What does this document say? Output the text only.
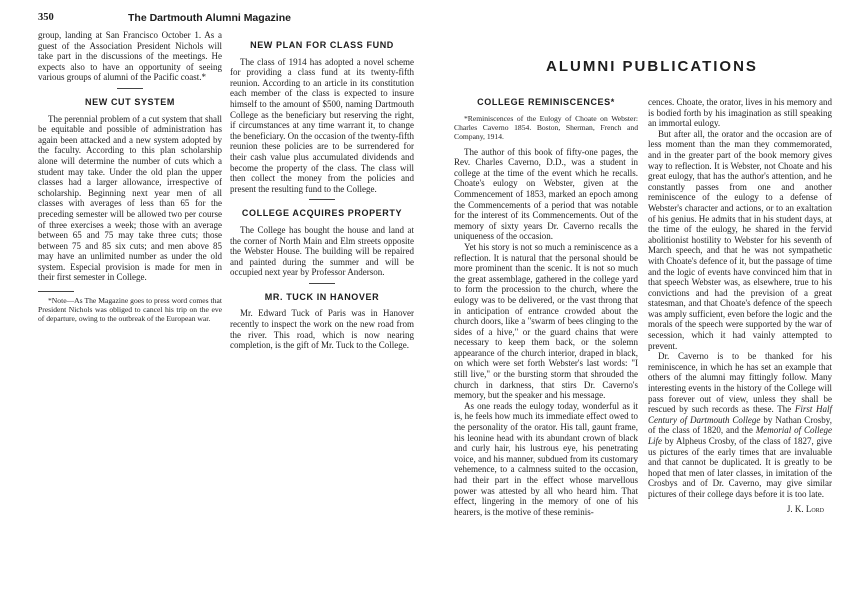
350	The Dartmouth Alumni Magazine

group, landing at San Francisco October 1. As a guest of the Association President Nichols will take part in the discussions of the meetings. He expects also to have an opportunity of seeing various groups of alumni of the Pacific coast.*

NEW CUT SYSTEM

The perennial problem of a cut system that shall be equitable and possible of administration has again been attacked and a new system adopted by the faculty. According to this plan scholarship alone will determine the number of cuts which a student may take. Under the old plan the upper classes had a larger allowance, irrespective of scholarship. Beginning next year men of all classes with averages of less than 65 for the preceding semester will be allowed two per course of three exercises a week; those with an average between 65 and 75 may take three cuts; those between 75 and 85 six cuts; and men above 85 may have an unlimited number as under the old system. Especial provision is made for men in their first semester in College.

*Note—As The Magazine goes to press word comes that President Nichols was obliged to cancel his trip on the eve of departure, owing to the outbreak of the European war.

NEW PLAN FOR CLASS FUND

The class of 1914 has adopted a novel scheme for providing a class fund at its twenty-fifth reunion. According to an article in its constitution each member of the class is expected to insure himself to the amount of $500, naming Dartmouth College as the beneficiary but reserving the right, if circumstances at any time warrant it, to change the beneficiary. On the occasion of the twenty-fifth reunion these policies are to be surrendered for their cash value plus accumulated dividends and become the property of the class. The class will then collect the money from the policies and present the resulting fund to the College.

COLLEGE ACQUIRES PROPERTY

The College has bought the house and land at the corner of North Main and Elm streets opposite the Webster House. The building will be repaired and painted during the summer and will be occupied next year by Professor Anderson.

MR. TUCK IN HANOVER

Mr. Edward Tuck of Paris was in Hanover recently to inspect the work on the new road from the river. This road, which is now nearing completion, is the gift of Mr. Tuck to the College.

ALUMNI PUBLICATIONS
COLLEGE REMINISCENCES*

*Reminiscences of the Eulogy of Choate on Webster: Charles Caverno 1854. Boston, Sherman, French and Company, 1914.

The author of this book of fifty-one pages, the Rev. Charles Caverno, D.D., was a student in college at the time of the event which he recalls. Choate's eulogy on Webster, given at the Commencement of 1853, marked an epoch among the Commencements of a period that was notable for the interest of its Commencements. Out of the memory of sixty years Dr. Caverno recalls the uniqueness of the occasion.

Yet his story is not so much a reminiscence as a reflection. It is natural that the personal should be more prominent than the scenic. It is not so much the great assemblage, gathered in the college yard to form the procession to the church, where the eulogy was to be delivered, or the vast throng that in anticipation of entrance crowded about the church doors, like a "swarm of bees clinging to the sides of a hive," or the guard chains that were necessary to keep them back, or the solemn appearance of the church interior, draped in black, on which were set forth Webster's last words: "I still live," or the bursting storm that shrouded the church in darkness, that stirs Dr. Caverno's memory, but the speaker and his message.

As one reads the eulogy today, wonderful as it is, he feels how much its immediate effect owed to the personality of the orator. His tall, gaunt frame, his leonine head with its abundant crown of black and curly hair, his lustrous eye, his penetrating voice, and his manner, subdued from its customary vehemence, to a calmness suited to the occasion, had their part in the effect whose marvellous power was attested by all who heard him. That effect, lingering in the memory of one of his hearers, is the motive of these reminis-

cences. Choate, the orator, lives in his memory and is bodied forth by his imagination as still speaking an immortal eulogy.

But after all, the orator and the occasion are of less moment than the man they commemorated, and in the greater part of the book memory gives way to reflection. It is Webster, not Choate and his great eulogy, that has the author's attention, and he constantly passes from one and another reminiscence of the eulogy to a defense of Webster's character and actions, or to an exaltation of his genius. He admits that in his student days, at the time of the eulogy, he shared in the fervid abolitionist hostility to Webster for his seventh of March speech, and that he was not sympathetic with Choate's defence of it, but the passage of time and the logic of events have convinced him that in that speech Webster was, as elsewhere, true to his convictions and had the prevision of a great statesman, and that Choate's defence of the speech was amply sufficient, even before the logic and the morals of the speech were supported by the war of secession, which it had vainly attempted to prevent.

Dr. Caverno is to be thanked for his reminiscence, in which he has set an example that others of the alumni may fittingly follow. Many interesting events in the history of the College will pass forever out of view, unless they shall be rescued by such records as these. The First Half Century of Dartmouth College by Nathan Crosby, of the class of 1820, and the Memorial of College Life by Alpheus Crosby, of the class of 1827, give us pictures of the early times that are invaluable and that cannot be duplicated. It is greatly to be hoped that men of later classes, in imitation of the Crosbys and of Dr. Caverno, may give similar pictures of their college days before it is too late.

J. K. Lord
